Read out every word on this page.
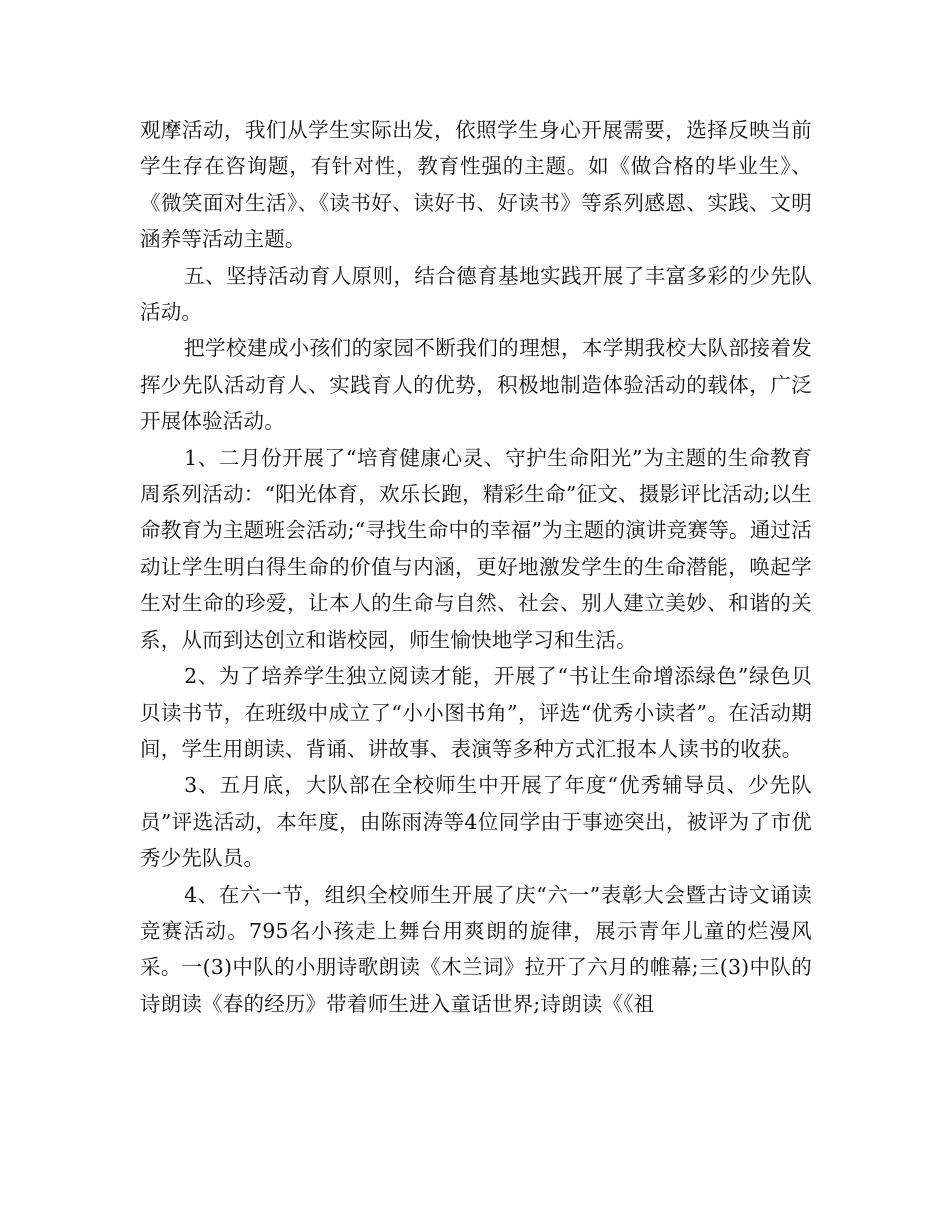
观摩活动，我们从学生实际出发，依照学生身心开展需要，选择反映当前学生存在咨询题，有针对性，教育性强的主题。如《做合格的毕业生》、《微笑面对生活》、《读书好、读好书、好读书》等系列感恩、实践、文明涵养等活动主题。

五、坚持活动育人原则，结合德育基地实践开展了丰富多彩的少先队活动。

把学校建成小孩们的家园不断我们的理想，本学期我校大队部接着发挥少先队活动育人、实践育人的优势，积极地制造体验活动的载体，广泛开展体验活动。

1、二月份开展了“培育健康心灵、守护生命阳光”为主题的生命教育周系列活动：“阳光体育，欢乐长跑，精彩生命”征文、摄影评比活动;以生命教育为主题班会活动;“寻找生命中的幸福”为主题的演讲竞赛等。通过活动让学生明白得生命的价值与内涵，更好地激发学生的生命潜能，唤起学生对生命的珍爱，让本人的生命与自然、社会、别人建立美妙、和谐的关系，从而到达创立和谐校园，师生愉快地学习和生活。

2、为了培养学生独立阅读才能，开展了“书让生命增添绿色”绿色贝贝读书节，在班级中成立了“小小图书角”，评选“优秀小读者”。在活动期间，学生用朗读、背诵、讲故事、表演等多种方式汇报本人读书的收获。

3、五月底，大队部在全校师生中开展了年度“优秀辅导员、少先队员”评选活动，本年度，由陈雨涛等4位同学由于事迹突出，被评为了市优秀少先队员。

4、在六一节，组织全校师生开展了庆“六一”表彰大会暨古诗文诵读竞赛活动。795名小孩走上舞台用爽朗的旋律，展示青年儿童的烂漫风采。一(3)中队的小朋诗歌朗读《木兰词》拉开了六月的帷幕;三(3)中队的诗朗读《春的经历》带着师生进入童话世界;诗朗读《《祖
